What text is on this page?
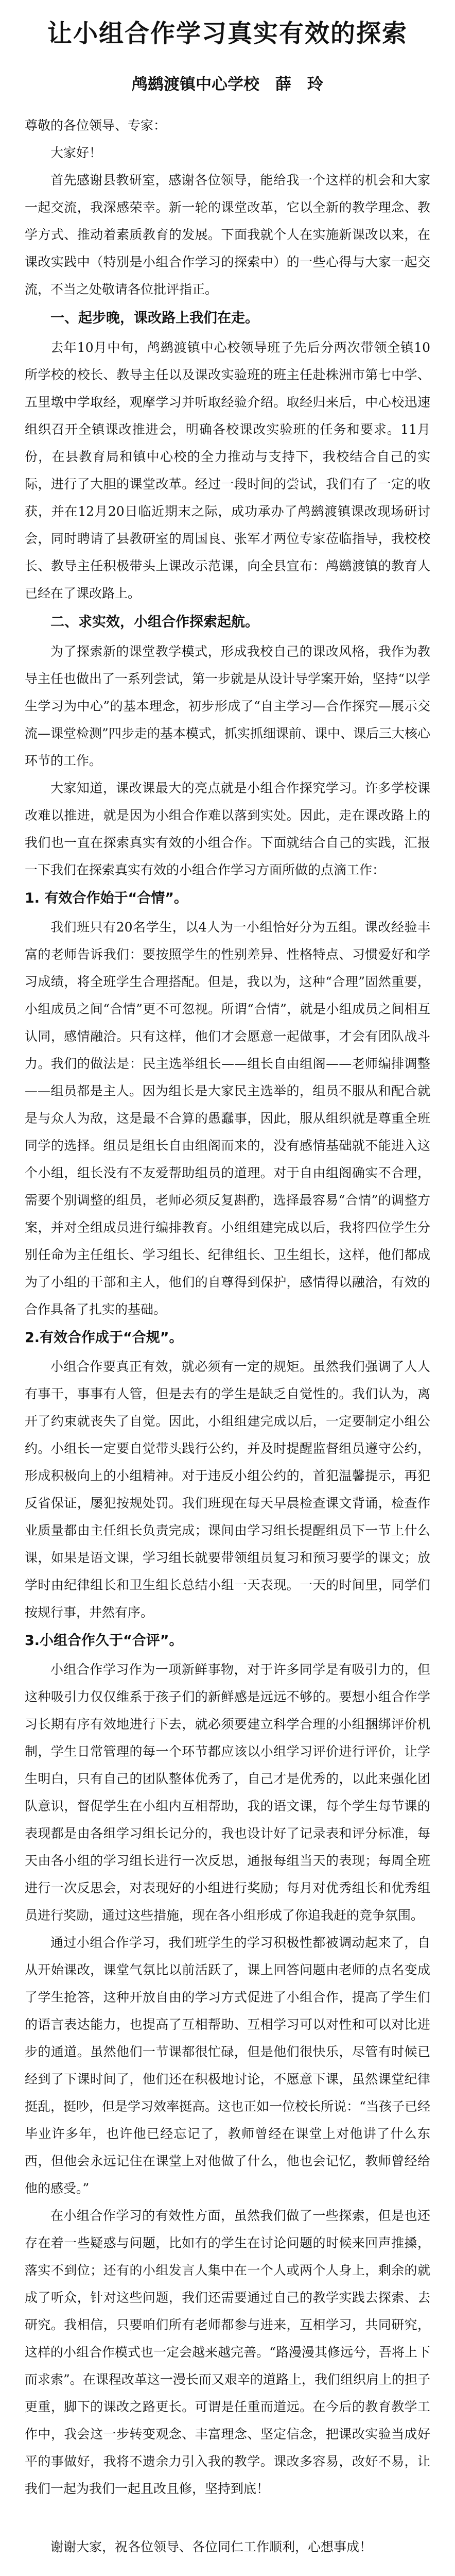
让小组合作学习真实有效的探索
鸬鹚渡镇中心学校　薛　玲

尊敬的各位领导、专家：

大家好！

首先感谢县教研室，感谢各位领导，能给我一个这样的机会和大家一起交流，我深感荣幸。新一轮的课堂改革，它以全新的教学理念、教学方式、推动着素质教育的发展。下面我就个人在实施新课改以来，在课改实践中（特别是小组合作学习的探索中）的一些心得与大家一起交流，不当之处敬请各位批评指正。

一、起步晚，课改路上我们在走。

去年10月中旬，鸬鹚渡镇中心校领导班子先后分两次带领全镇10所学校的校长、教导主任以及课改实验班的班主任赴株洲市第七中学、五里墩中学取经，观摩学习并听取经验介绍。取经归来后，中心校迅速组织召开全镇课改推进会，明确各校课改实验班的任务和要求。11月份，在县教育局和镇中心校的全力推动与支持下，我校结合自己的实际，进行了大胆的课堂改革。经过一段时间的尝试，我们有了一定的收获，并在12月20日临近期末之际，成功承办了鸬鹚渡镇课改现场研讨会，同时聘请了县教研室的周国良、张军才两位专家莅临指导，我校校长、教导主任积极带头上课改示范课，向全县宣布：鸬鹚渡镇的教育人已经在了课改路上。

二、求实效，小组合作探索起航。

为了探索新的课堂教学模式，形成我校自己的课改风格，我作为教导主任也做出了一系列尝试，第一步就是从设计导学案开始，坚持“以学生学习为中心”的基本理念，初步形成了“自主学习—合作探究—展示交流—课堂检测”四步走的基本模式，抓实抓细课前、课中、课后三大核心环节的工作。

大家知道，课改课最大的亮点就是小组合作探究学习。许多学校课改难以推进，就是因为小组合作难以落到实处。因此，走在课改路上的我们也一直在探索真实有效的小组合作。下面就结合自己的实践，汇报一下我们在探索真实有效的小组合作学习方面所做的点滴工作：

1. 有效合作始于“合情”。

我们班只有20名学生，以4人为一小组恰好分为五组。课改经验丰富的老师告诉我们：要按照学生的性别差异、性格特点、习惯爱好和学习成绩，将全班学生合理搭配。但是，我以为，这种“合理”固然重要，小组成员之间“合情”更不可忽视。所谓“合情”，就是小组成员之间相互认同，感情融洽。只有这样，他们才会愿意一起做事，才会有团队战斗力。我们的做法是：民主选举组长——组长自由组阁——老师编排调整——组员都是主人。因为组长是大家民主选举的，组员不服从和配合就是与众人为敌，这是最不合算的愚蠢事，因此，服从组织就是尊重全班同学的选择。组员是组长自由组阁而来的，没有感情基础就不能进入这个小组，组长没有不友爱帮助组员的道理。对于自由组阁确实不合理，需要个别调整的组员，老师必须反复斟酌，选择最容易“合情”的调整方案，并对全组成员进行编排教育。小组组建完成以后，我将四位学生分别任命为主任组长、学习组长、纪律组长、卫生组长，这样，他们都成为了小组的干部和主人，他们的自尊得到保护，感情得以融洽，有效的合作具备了扎实的基础。

2.有效合作成于“合规”。

小组合作要真正有效，就必须有一定的规矩。虽然我们强调了人人有事干，事事有人管，但是去有的学生是缺乏自觉性的。我们认为，离开了约束就丧失了自觉。因此，小组组建完成以后，一定要制定小组公约。小组长一定要自觉带头践行公约，并及时提醒监督组员遵守公约，形成积极向上的小组精神。对于违反小组公约的，首犯温馨提示，再犯反省保证，屡犯按规处罚。我们班现在每天早晨检查课文背诵，检查作业质量都由主任组长负责完成；课间由学习组长提醒组员下一节上什么课，如果是语文课，学习组长就要带领组员复习和预习要学的课文；放学时由纪律组长和卫生组长总结小组一天表现。一天的时间里，同学们按规行事，井然有序。

3.小组合作久于“合评”。

小组合作学习作为一项新鲜事物，对于许多同学是有吸引力的，但这种吸引力仅仅维系于孩子们的新鲜感是远远不够的。要想小组合作学习长期有序有效地进行下去，就必须要建立科学合理的小组捆绑评价机制，学生日常管理的每一个环节都应该以小组学习评价进行评价，让学生明白，只有自己的团队整体优秀了，自己才是优秀的，以此来强化团队意识，督促学生在小组内互相帮助，我的语文课，每个学生每节课的表现都是由各组学习组长记分的，我也设计好了记录表和评分标准，每天由各小组的学习组长进行一次反思，通报每组当天的表现；每周全班进行一次反思会，对表现好的小组进行奖励；每月对优秀组长和优秀组员进行奖励，通过这些措施，现在各小组形成了你追我赶的竞争氛围。

通过小组合作学习，我们班学生的学习积极性都被调动起来了，自从开始课改，课堂气氛比以前活跃了，课上回答问题由老师的点名变成了学生抢答，这种开放自由的学习方式促进了小组合作，提高了学生们的语言表达能力，也提高了互相帮助、互相学习可以对性和可以对比进步的通道。虽然他们一节课都很忙碌，但是他们很快乐，尽管有时候已经到了下课时间了，他们还在积极地讨论，不愿意下课，虽然课堂纪律挺乱，挺吵，但是学习效率挺高。这也正如一位校长所说：“当孩子已经毕业许多年，也许他已经忘记了，教师曾经在课堂上对他讲了什么东西，但他会永远记住在课堂上对他做了什么，他也会记忆，教师曾经给他的感受。”

在小组合作学习的有效性方面，虽然我们做了一些探索，但是也还存在着一些疑惑与问题，比如有的学生在讨论问题的时候来回声推搡，落实不到位；还有的小组发言人集中在一个人或两个人身上，剩余的就成了听众，针对这些问题，我们还需要通过自己的教学实践去探索、去研究。我相信，只要咱们所有老师都参与进来，互相学习，共同研究，这样的小组合作模式也一定会越来越完善。“路漫漫其修远兮，吾将上下而求索”。在课程改革这一漫长而又艰辛的道路上，我们组织肩上的担子更重，脚下的课改之路更长。可谓是任重而道远。在今后的教育教学工作中，我会这一步转变观念、丰富理念、坚定信念，把课改实验当成好平的事做好，我将不遗余力引入我的教学。课改多容易，改好不易，让我们一起为我们一起且改且修，坚持到底！

谢谢大家，祝各位领导、各位同仁工作顺利，心想事成！
